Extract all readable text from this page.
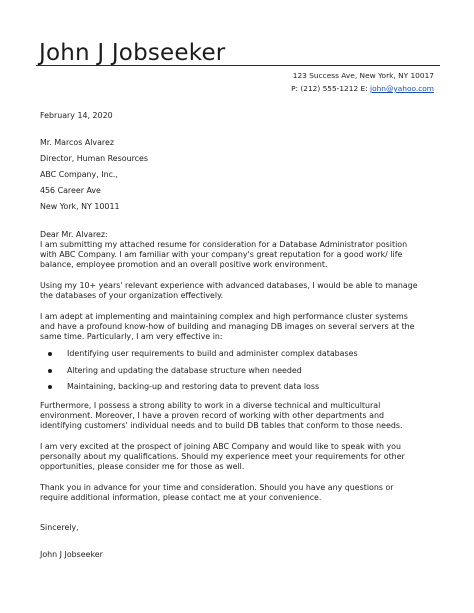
John J Jobseeker
123 Success Ave, New York, NY 10017
P: (212) 555-1212 E: john@yahoo.com
February 14, 2020
Mr. Marcos Alvarez
Director, Human Resources
ABC Company, Inc.,
456 Career Ave
New York, NY 10011
Dear Mr. Alvarez:
I am submitting my attached resume for consideration for a Database Administrator position
with ABC Company. I am familiar with your company's great reputation for a good work/ life
balance, employee promotion and an overall positive work environment.
Using my 10+ years' relevant experience with advanced databases, I would be able to manage
the databases of your organization effectively.
I am adept at implementing and maintaining complex and high performance cluster systems
and have a profound know-how of building and managing DB images on several servers at the
same time. Particularly, I am very effective in:
Identifying user requirements to build and administer complex databases
Altering and updating the database structure when needed
Maintaining, backing-up and restoring data to prevent data loss
Furthermore, I possess a strong ability to work in a diverse technical and multicultural
environment. Moreover, I have a proven record of working with other departments and
identifying customers' individual needs and to build DB tables that conform to those needs.
I am very excited at the prospect of joining ABC Company and would like to speak with you
personally about my qualifications. Should my experience meet your requirements for other
opportunities, please consider me for those as well.
Thank you in advance for your time and consideration. Should you have any questions or
require additional information, please contact me at your convenience.
Sincerely,
John J Jobseeker
